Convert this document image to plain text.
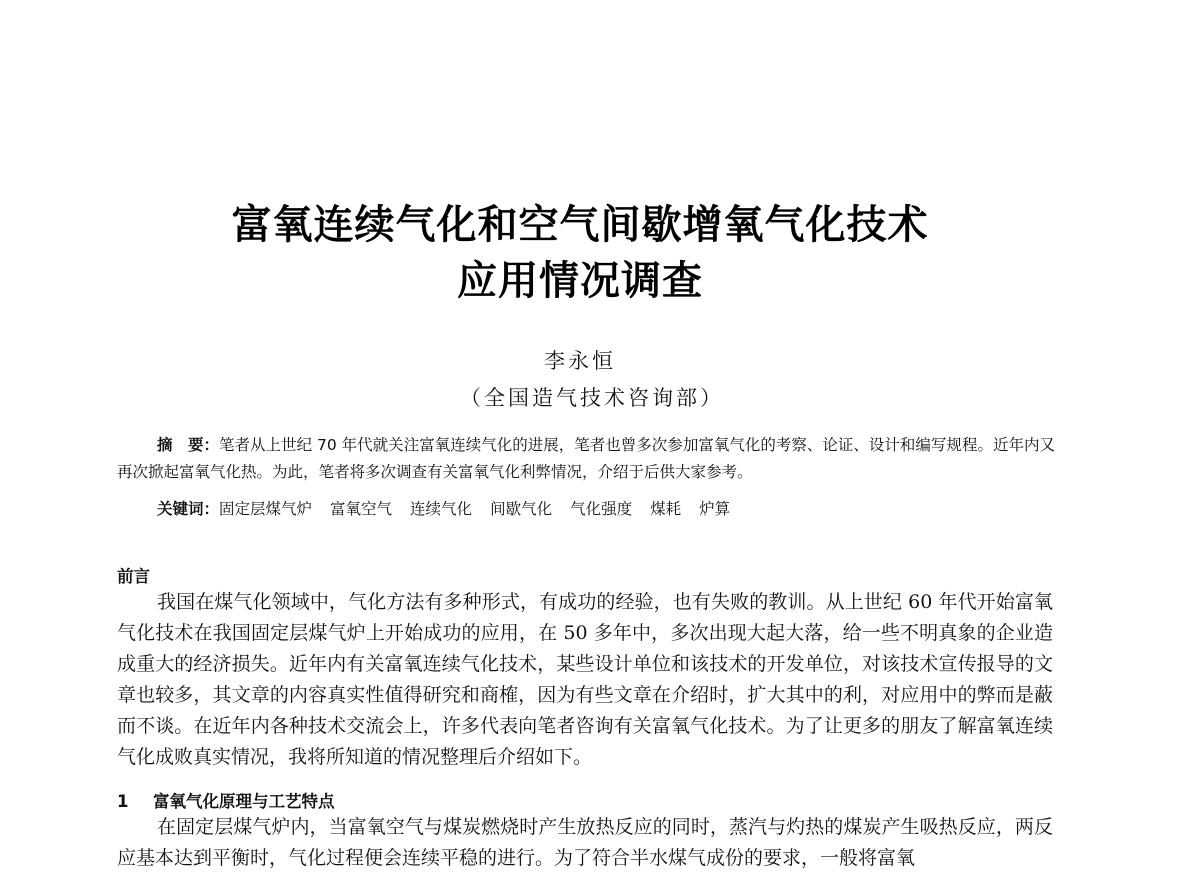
富氧连续气化和空气间歇增氧气化技术
应用情况调查
李永恒
（全国造气技术咨询部）
摘　要：笔者从上世纪 70 年代就关注富氧连续气化的进展，笔者也曾多次参加富氧气化的考察、论证、设计和编写规程。近年内又再次掀起富氧气化热。为此，笔者将多次调查有关富氧气化利弊情况，介绍于后供大家参考。
关键词：固定层煤气炉 富氧空气 连续气化 间歇气化 气化强度 煤耗 炉算
前言
我国在煤气化领域中，气化方法有多种形式，有成功的经验，也有失败的教训。从上世纪 60 年代开始富氧气化技术在我国固定层煤气炉上开始成功的应用，在 50 多年中，多次出现大起大落，给一些不明真象的企业造成重大的经济损失。近年内有关富氧连续气化技术，某些设计单位和该技术的开发单位，对该技术宣传报导的文章也较多，其文章的内容真实性值得研究和商榷，因为有些文章在介绍时，扩大其中的利，对应用中的弊而是蔽而不谈。在近年内各种技术交流会上，许多代表向笔者咨询有关富氧气化技术。为了让更多的朋友了解富氧连续气化成败真实情况，我将所知道的情况整理后介绍如下。
1 富氧气化原理与工艺特点
在固定层煤气炉内，当富氧空气与煤炭燃烧时产生放热反应的同时，蒸汽与灼热的煤炭产生吸热反应，两反应基本达到平衡时，气化过程便会连续平稳的进行。为了符合半水煤气成份的要求，一般将富氧
